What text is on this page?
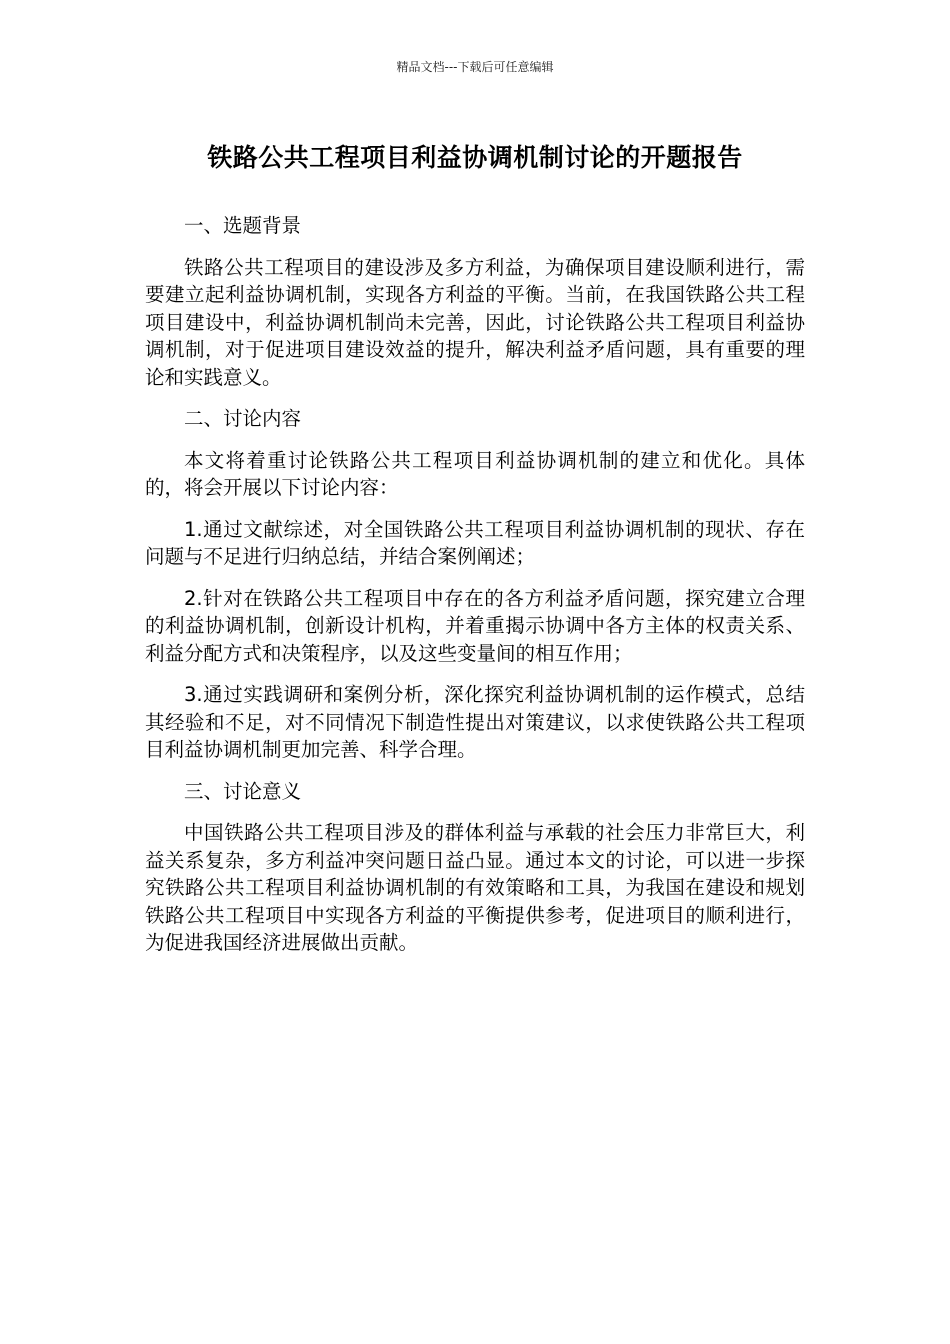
精品文档---下载后可任意编辑
铁路公共工程项目利益协调机制讨论的开题报告
一、选题背景

铁路公共工程项目的建设涉及多方利益，为确保项目建设顺利进行，需要建立起利益协调机制，实现各方利益的平衡。当前，在我国铁路公共工程项目建设中，利益协调机制尚未完善，因此，讨论铁路公共工程项目利益协调机制，对于促进项目建设效益的提升，解决利益矛盾问题，具有重要的理论和实践意义。

二、讨论内容

本文将着重讨论铁路公共工程项目利益协调机制的建立和优化。具体的，将会开展以下讨论内容：

1.通过文献综述，对全国铁路公共工程项目利益协调机制的现状、存在问题与不足进行归纳总结，并结合案例阐述；

2.针对在铁路公共工程项目中存在的各方利益矛盾问题，探究建立合理的利益协调机制，创新设计机构，并着重揭示协调中各方主体的权责关系、利益分配方式和决策程序，以及这些变量间的相互作用；

3.通过实践调研和案例分析，深化探究利益协调机制的运作模式，总结其经验和不足，对不同情况下制造性提出对策建议，以求使铁路公共工程项目利益协调机制更加完善、科学合理。

三、讨论意义

中国铁路公共工程项目涉及的群体利益与承载的社会压力非常巨大，利益关系复杂，多方利益冲突问题日益凸显。通过本文的讨论，可以进一步探究铁路公共工程项目利益协调机制的有效策略和工具，为我国在建设和规划铁路公共工程项目中实现各方利益的平衡提供参考，促进项目的顺利进行，为促进我国经济进展做出贡献。
